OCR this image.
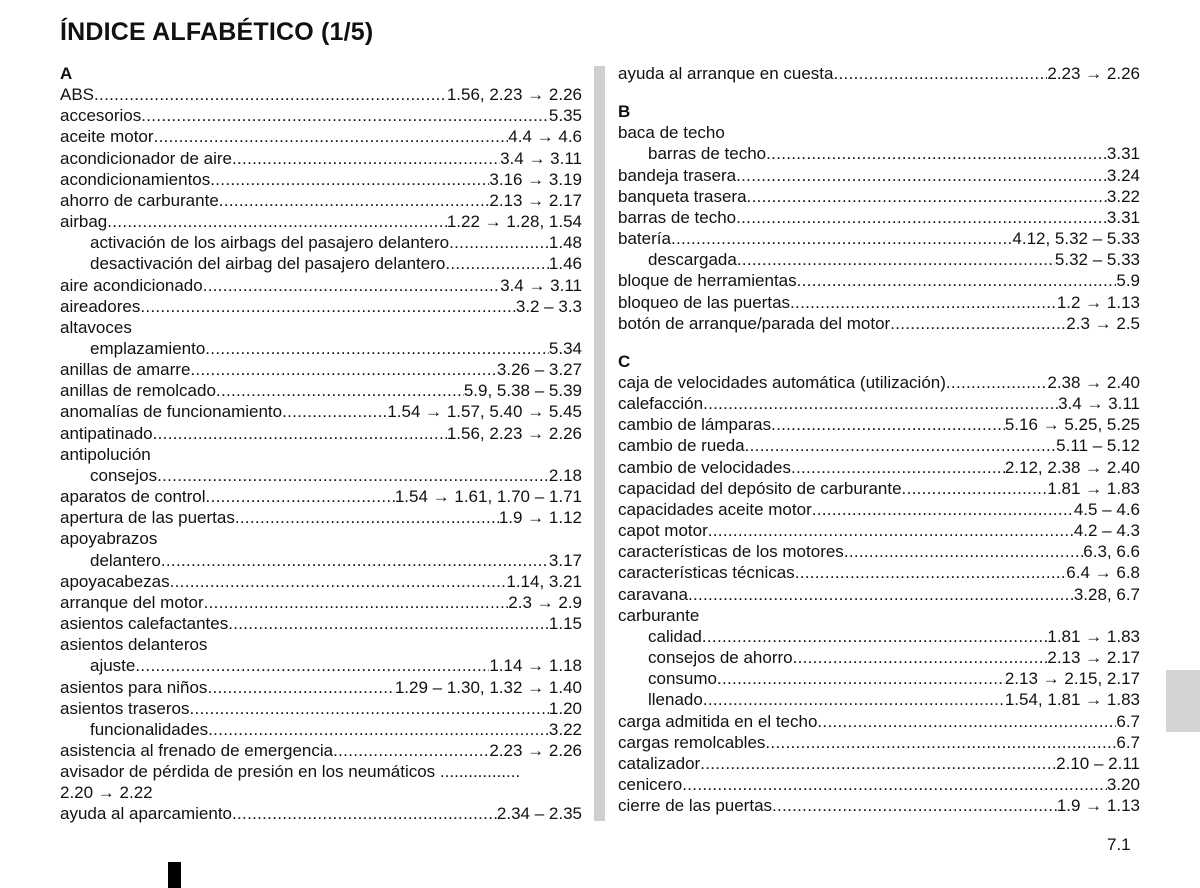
ÍNDICE ALFABÉTICO (1/5)
A
ABS .....	1.56, 2.23 → 2.26
accesorios .....	5.35
aceite motor .....	4.4 → 4.6
acondicionador de aire .....	3.4 → 3.11
acondicionamientos .....	3.16 → 3.19
ahorro de carburante .....	2.13 → 2.17
airbag .....	1.22 → 1.28, 1.54
activación de los airbags del pasajero delantero .....	1.48
desactivación del airbag del pasajero delantero .....	1.46
aire acondicionado .....	3.4 → 3.11
aireadores .....	3.2 – 3.3
altavoces
emplazamiento .....	5.34
anillas de amarre .....	3.26 – 3.27
anillas de remolcado .....	5.9, 5.38 – 5.39
anomalías de funcionamiento .....	1.54 → 1.57, 5.40 → 5.45
antipatinado .....	1.56, 2.23 → 2.26
antipolución
consejos .....	2.18
aparatos de control .....	1.54 → 1.61, 1.70 – 1.71
apertura de las puertas .....	1.9 → 1.12
apoyabrazos
delantero .....	3.17
apoyacabezas .....	1.14, 3.21
arranque del motor .....	2.3 → 2.9
asientos calefactantes .....	1.15
asientos delanteros
ajuste .....	1.14 → 1.18
asientos para niños .....	1.29 – 1.30, 1.32 → 1.40
asientos traseros .....	1.20
funcionalidades .....	3.22
asistencia al frenado de emergencia .....	2.23 → 2.26
avisador de pérdida de presión en los neumáticos .................
2.20 → 2.22
ayuda al aparcamiento .....	2.34 – 2.35
ayuda al arranque en cuesta .....	2.23 → 2.26
B
baca de techo
barras de techo .....	3.31
bandeja trasera .....	3.24
banqueta trasera .....	3.22
barras de techo .....	3.31
batería .....	4.12, 5.32 – 5.33
descargada .....	5.32 – 5.33
bloque de herramientas .....	5.9
bloqueo de las puertas .....	1.2 → 1.13
botón de arranque/parada del motor .....	2.3 → 2.5
C
caja de velocidades automática (utilización) .....	2.38 → 2.40
calefacción .....	3.4 → 3.11
cambio de lámparas .....	5.16 → 5.25, 5.25
cambio de rueda .....	5.11 – 5.12
cambio de velocidades .....	2.12, 2.38 → 2.40
capacidad del depósito de carburante .....	1.81 → 1.83
capacidades aceite motor .....	4.5 – 4.6
capot motor .....	4.2 – 4.3
características de los motores .....	6.3, 6.6
características técnicas .....	6.4 → 6.8
caravana .....	3.28, 6.7
carburante
calidad .....	1.81 → 1.83
consejos de ahorro .....	2.13 → 2.17
consumo .....	2.13 → 2.15, 2.17
llenado .....	1.54, 1.81 → 1.83
carga admitida en el techo .....	6.7
cargas remolcables .....	6.7
catalizador .....	2.10 – 2.11
cenicero .....	3.20
cierre de las puertas .....	1.9 → 1.13
7.1
